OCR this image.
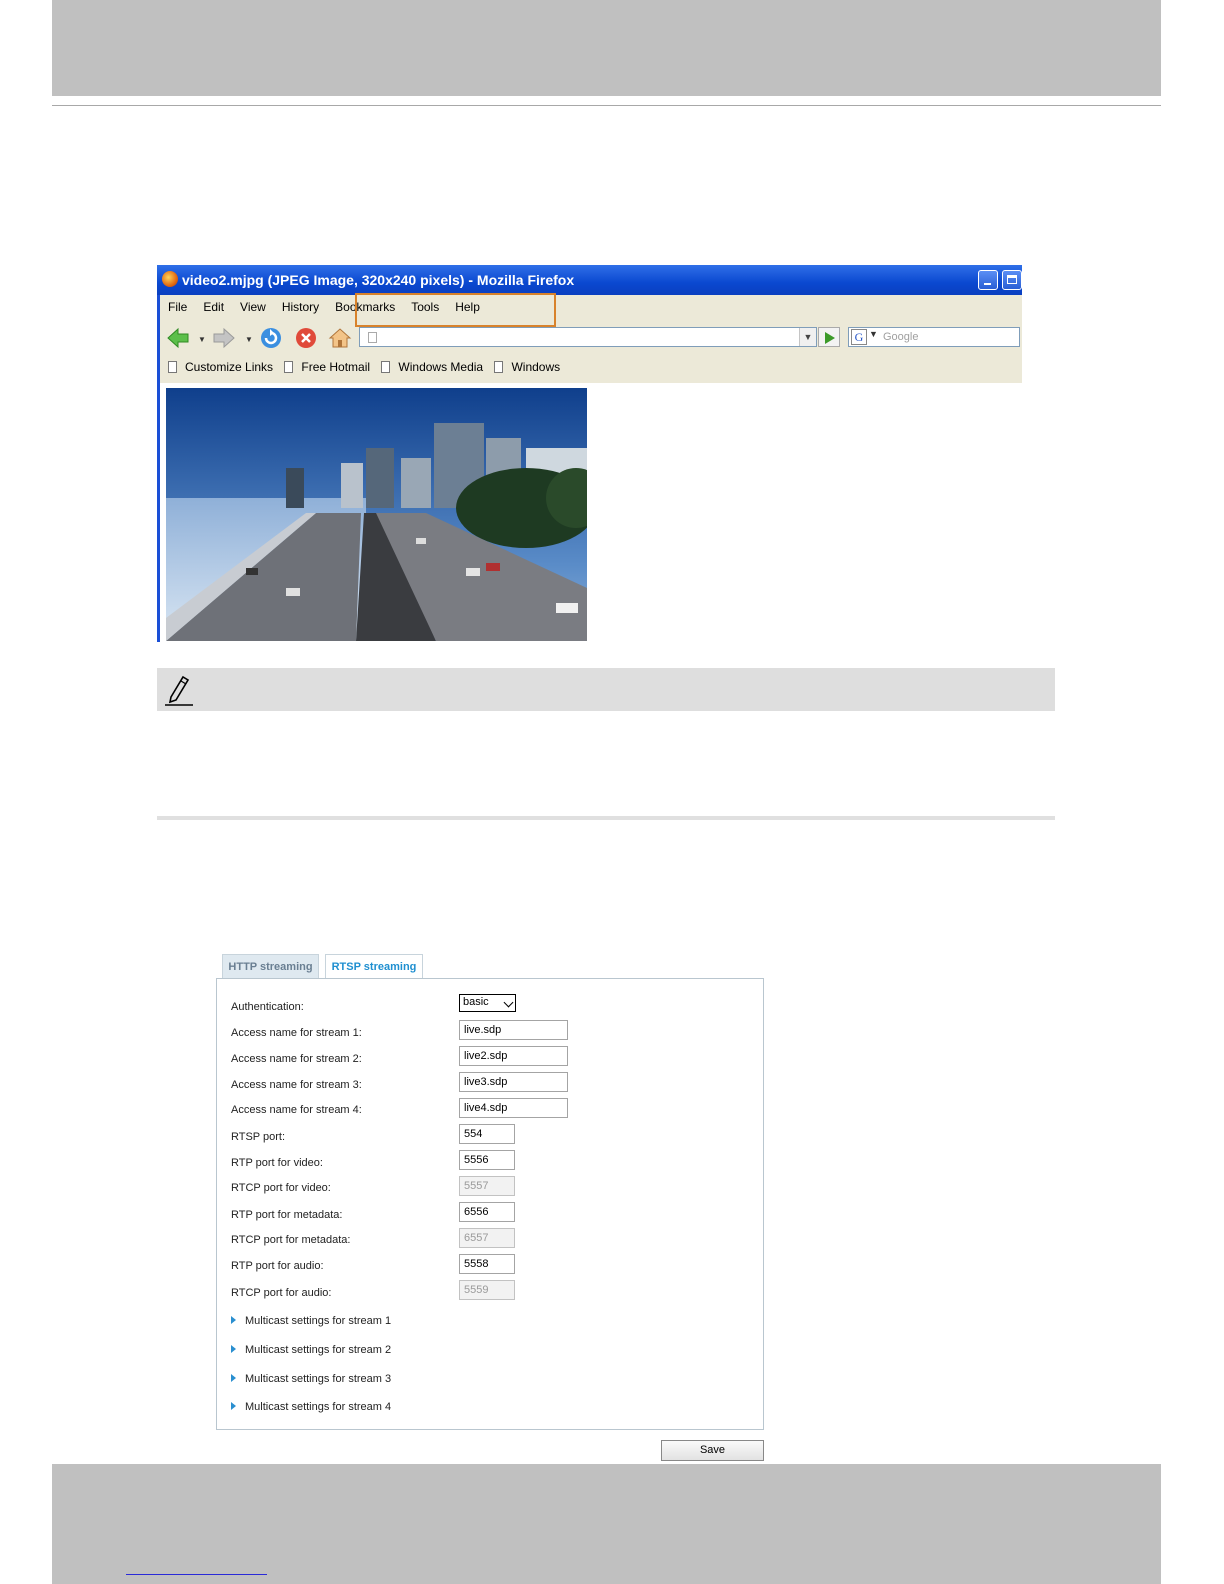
video2.mjpg (JPEG Image, 320x240 pixels) - Mozilla Firefox
File Edit View History Bookmarks Tools Help
▼	▼	▼	G ▼ Google
Customize Links Free Hotmail Windows Media Windows
HTTP streaming	RTSP streaming
Authentication:	basic
Access name for stream 1:	live.sdp
Access name for stream 2:	live2.sdp
Access name for stream 3:	live3.sdp
Access name for stream 4:	live4.sdp
RTSP port:	554
RTP port for video:	5556
RTCP port for video:	5557
RTP port for metadata:	6556
RTCP port for metadata:	6557
RTP port for audio:	5558
RTCP port for audio:	5559
Multicast settings for stream 1
Multicast settings for stream 2
Multicast settings for stream 3
Multicast settings for stream 4
Save
